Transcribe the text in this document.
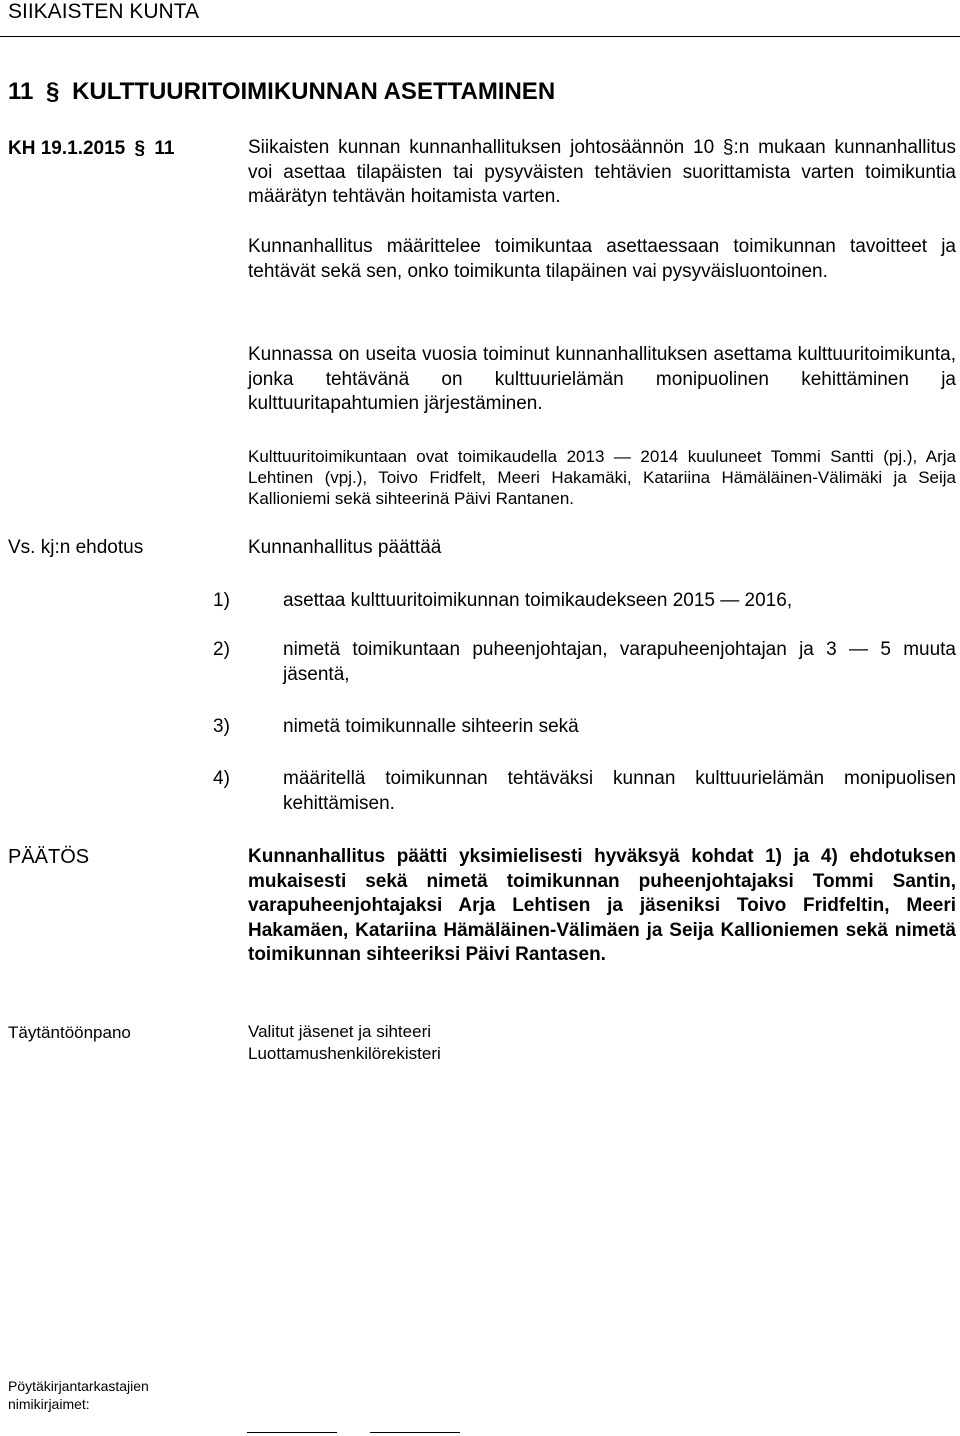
SIIKAISTEN KUNTA
11 § KULTTUURITOIMIKUNNAN ASETTAMINEN
KH 19.1.2015 § 11	Siikaisten kunnan kunnanhallituksen johtosäännön 10 §:n mukaan kunnanhallitus voi asettaa tilapäisten tai pysyväisten tehtävien suorittamista varten toimikuntia määrätyn tehtävän hoitamista varten.
Kunnanhallitus määrittelee toimikuntaa asettaessaan toimikunnan tavoitteet ja tehtävät sekä sen, onko toimikunta tilapäinen vai pysyväisluontoinen.
Kunnassa on useita vuosia toiminut kunnanhallituksen asettama kulttuuritoimikunta, jonka tehtävänä on kulttuurielämän monipuolinen kehittäminen ja kulttuuritapahtumien järjestäminen.
Kulttuuritoimikuntaan ovat toimikaudella 2013 — 2014 kuuluneet Tommi Santti (pj.), Arja Lehtinen (vpj.), Toivo Fridfelt, Meeri Hakamäki, Katariina Hämäläinen-Välimäki ja Seija Kallioniemi sekä sihteerinä Päivi Rantanen.
Vs. kj:n ehdotus	Kunnanhallitus päättää
1)	asettaa kulttuuritoimikunnan toimikaudekseen 2015 — 2016,
2)	nimetä toimikuntaan puheenjohtajan, varapuheenjohtajan ja 3 — 5 muuta jäsentä,
3)	nimetä toimikunnalle sihteerin sekä
4)	määritellä toimikunnan tehtäväksi kunnan kulttuurielämän monipuolisen kehittämisen.
PÄÄTÖS	Kunnanhallitus päätti yksimielisesti hyväksyä kohdat 1) ja 4) ehdotuksen mukaisesti sekä nimetä toimikunnan puheenjohtajaksi Tommi Santin, varapuheenjohtajaksi Arja Lehtisen ja jäseniksi Toivo Fridfeltin, Meeri Hakamäen, Katariina Hämäläinen-Välimäen ja Seija Kallioniemen sekä nimetä toimikunnan sihteeriksi Päivi Rantasen.
Täytäntöönpano	Valitut jäsenet ja sihteeri
Luottamushenkilörekisteri
Pöytäkirjantarkastajien
nimikirjaimet:
